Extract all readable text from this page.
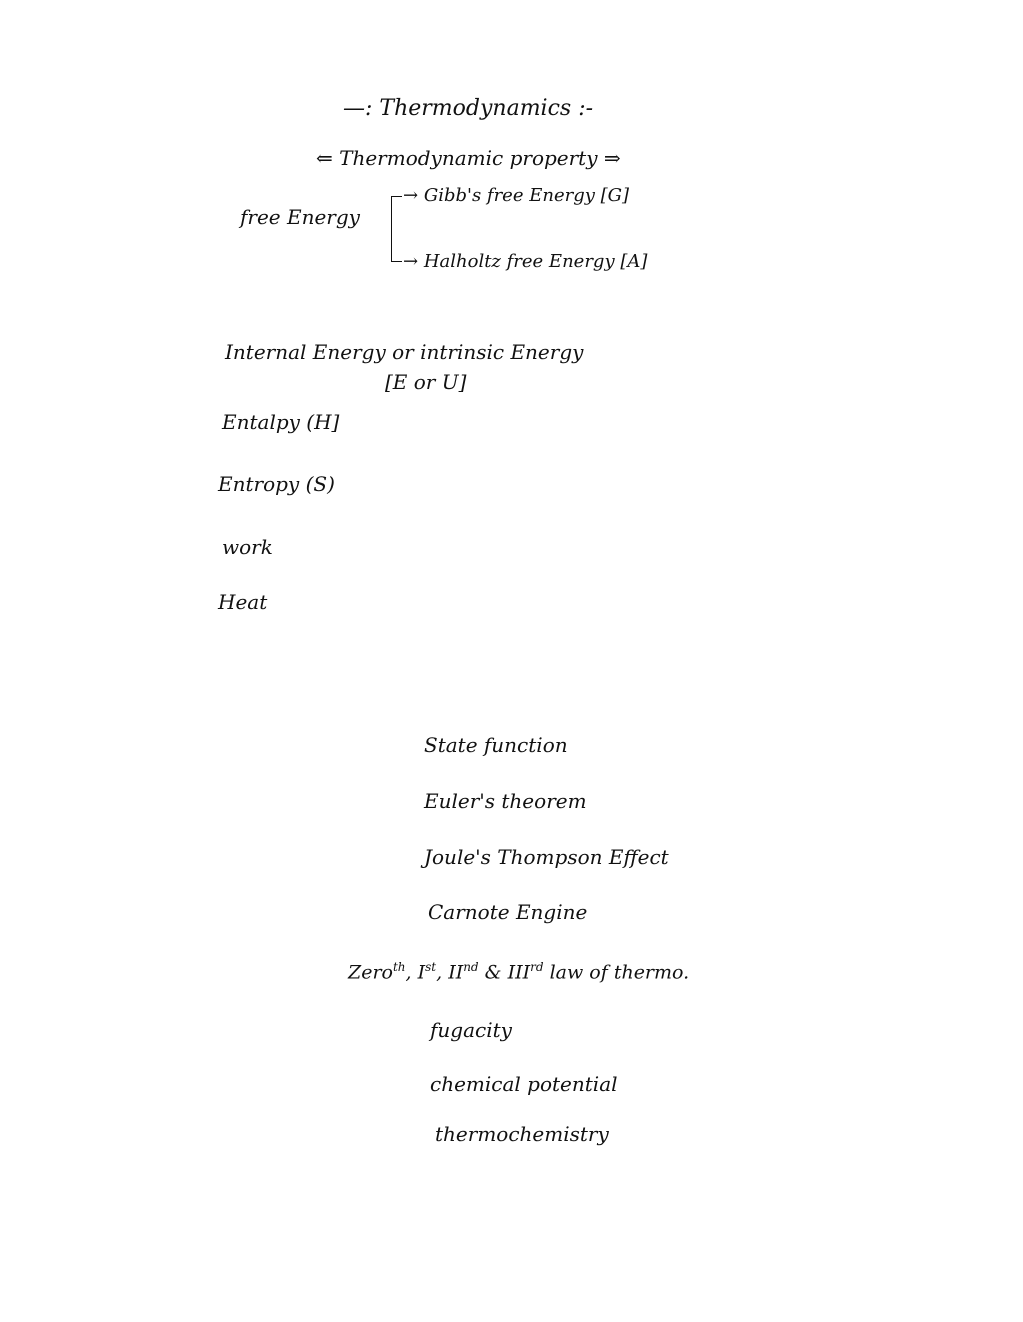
—: Thermodynamics :-
⇐ Thermodynamic property ⇒
free Energy
→ Gibb's free Energy [G]
→ Halholtz free Energy [A]
Internal Energy or intrinsic Energy
[E or U]
Entalpy (H]
Entropy (S)
work
Heat
State function
Euler's theorem
Joule's Thompson Effect
Carnote Engine
Zero$^{th}$, Ist, IInd & IIIrd law of thermo.
fugacity
chemical potential
thermochemistry
